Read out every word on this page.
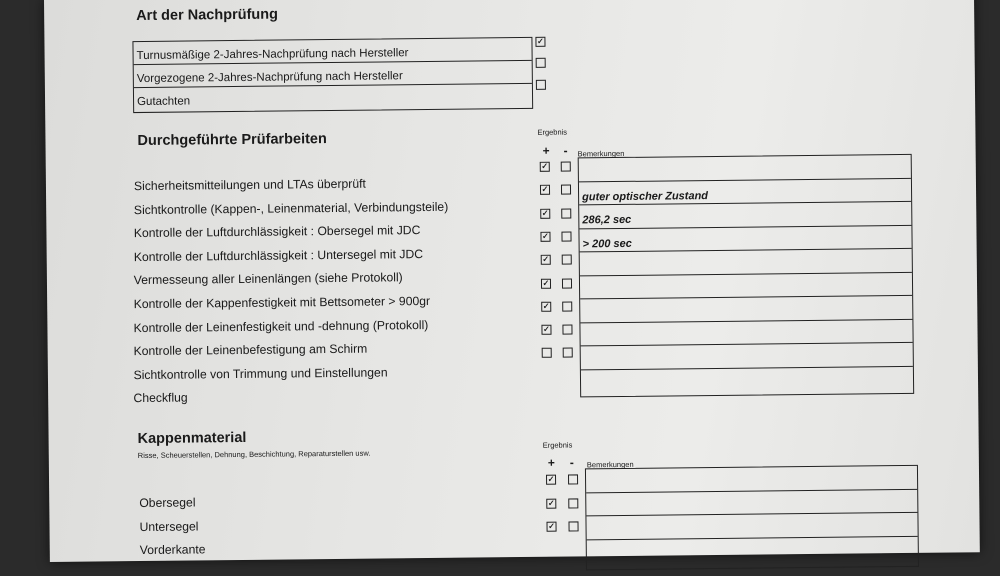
Art der Nachprüfung
Turnusmäßige 2-Jahres-Nachprüfung nach Hersteller
Vorgezogene 2-Jahres-Nachprüfung nach Hersteller
Gutachten
✓
Durchgeführte Prüfarbeiten	Ergebnis
+ - Bemerkungen
Sicherheitsmitteilungen und LTAs überprüft
✓
Sichtkontrolle (Kappen-, Leinenmaterial, Verbindungsteile)
✓
Kontrolle der Luftdurchlässigkeit : Obersegel mit JDC
✓
Kontrolle der Luftdurchlässigkeit : Untersegel mit JDC
✓
Vermesseung aller Leinenlängen (siehe Protokoll)
✓
Kontrolle der Kappenfestigkeit mit Bettsometer > 900gr
✓
Kontrolle der Leinenfestigkeit und -dehnung (Protokoll)
✓
Kontrolle der Leinenbefestigung am Schirm
✓
Sichtkontrolle von Trimmung und Einstellungen
Checkflug
guter optischer Zustand
286,2 sec
> 200 sec
Kappenmaterial
Risse, Scheuerstellen, Dehnung, Beschichtung, Reparaturstellen usw.
Ergebnis
+ - Bemerkungen
Obersegel
✓
Untersegel
✓
Vorderkante
✓
